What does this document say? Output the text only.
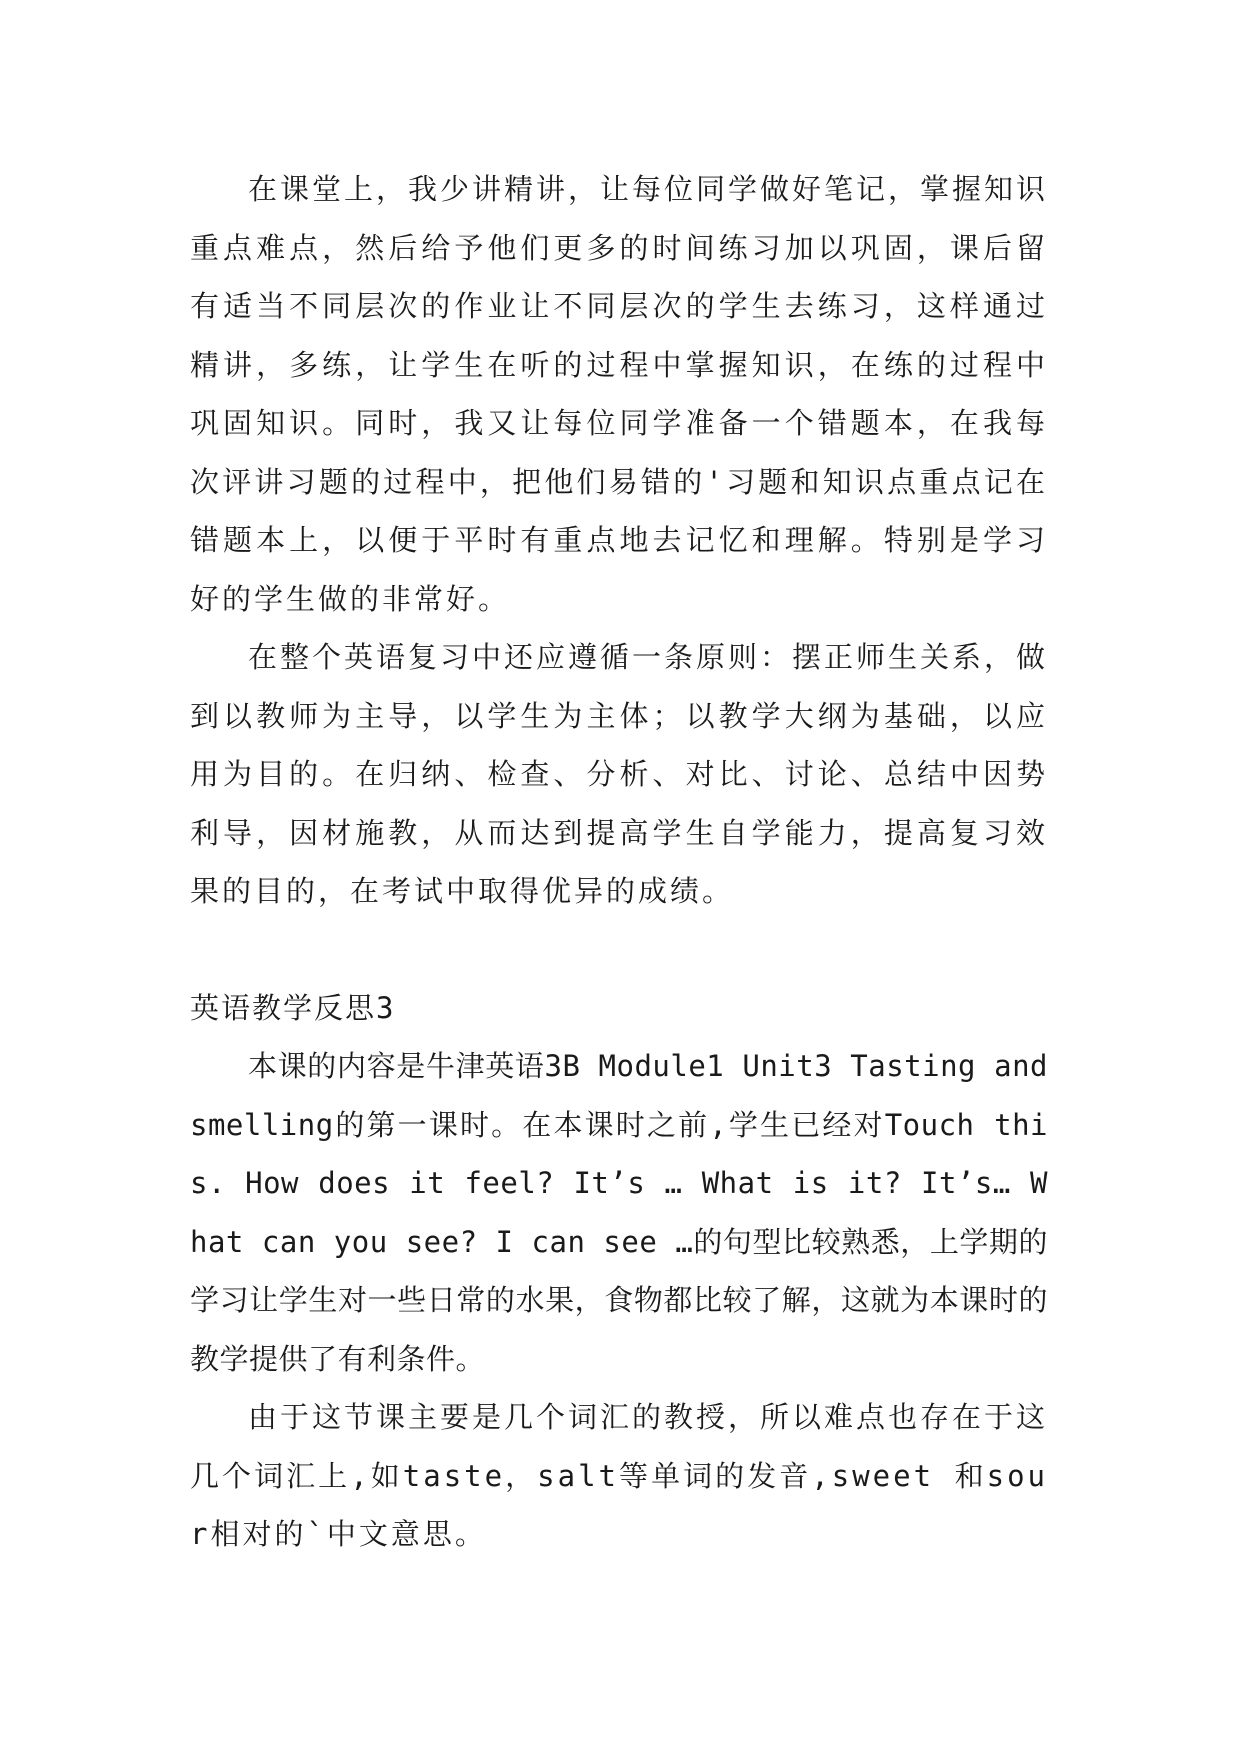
在课堂上，我少讲精讲，让每位同学做好笔记，掌握知识重点难点，然后给予他们更多的时间练习加以巩固，课后留有适当不同层次的作业让不同层次的学生去练习，这样通过精讲，多练，让学生在听的过程中掌握知识，在练的过程中巩固知识。同时，我又让每位同学准备一个错题本，在我每次评讲习题的过程中，把他们易错的'习题和知识点重点记在错题本上，以便于平时有重点地去记忆和理解。特别是学习好的学生做的非常好。

在整个英语复习中还应遵循一条原则：摆正师生关系，做到以教师为主导，以学生为主体；以教学大纲为基础，以应用为目的。在归纳、检查、分析、对比、讨论、总结中因势利导，因材施教，从而达到提高学生自学能力，提高复习效果的目的，在考试中取得优异的成绩。

英语教学反思3

本课的内容是牛津英语3B Module1 Unit3 Tasting and smelling的第一课时。在本课时之前,学生已经对Touch this. How does it feel? It’s … What is it? It’s… What can you see? I can see …的句型比较熟悉，上学期的学习让学生对一些日常的水果，食物都比较了解，这就为本课时的教学提供了有利条件。

由于这节课主要是几个词汇的教授，所以难点也存在于这几个词汇上,如taste，salt等单词的发音,sweet 和sour相对的`中文意思。
